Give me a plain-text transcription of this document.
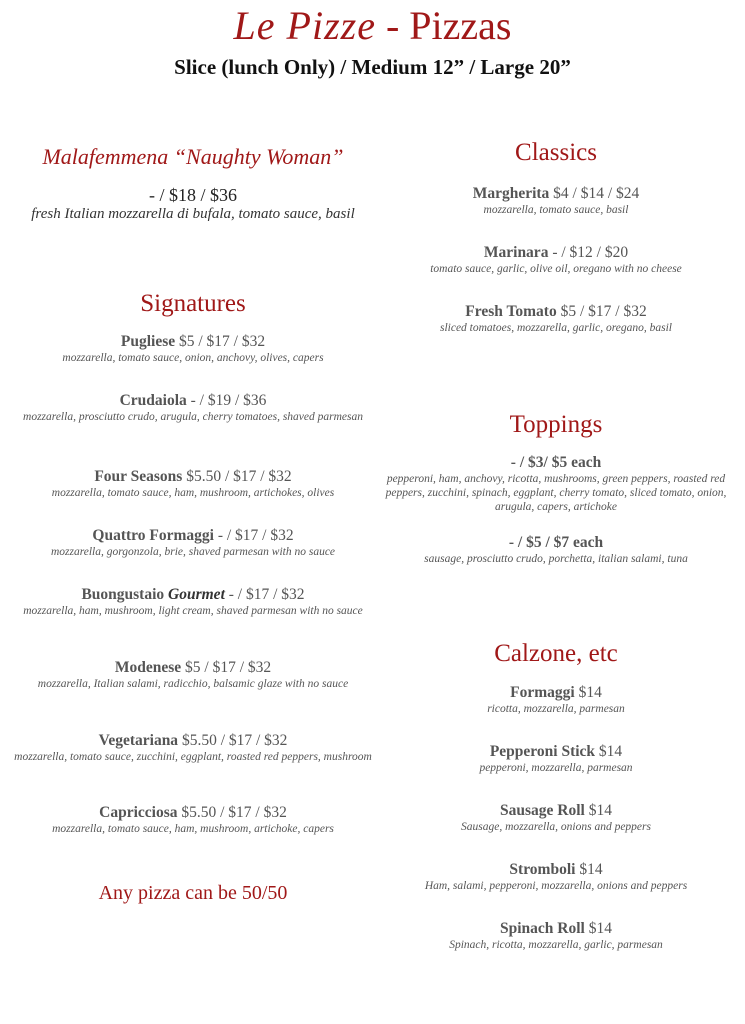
Le Pizze - Pizzas
Slice (lunch Only) / Medium 12” / Large 20”
Malafemmena “Naughty Woman”
- / $18 / $36
fresh Italian mozzarella di bufala, tomato sauce, basil
Signatures
Pugliese $5 / $17 / $32
mozzarella, tomato sauce, onion, anchovy, olives, capers
Crudaiola - / $19 / $36
mozzarella, prosciutto crudo, arugula, cherry tomatoes, shaved parmesan
Four Seasons $5.50 / $17 / $32
mozzarella, tomato sauce, ham, mushroom, artichokes, olives
Quattro Formaggi - / $17 / $32
mozzarella, gorgonzola, brie, shaved parmesan with no sauce
Buongustaio Gourmet - / $17 / $32
mozzarella, ham, mushroom, light cream, shaved parmesan with no sauce
Modenese $5 / $17 / $32
mozzarella, Italian salami, radicchio, balsamic glaze with no sauce
Vegetariana $5.50 / $17 / $32
mozzarella, tomato sauce, zucchini, eggplant, roasted red peppers, mushroom
Capricciosa $5.50 / $17 / $32
mozzarella, tomato sauce, ham, mushroom, artichoke, capers
Any pizza can be 50/50
Classics
Margherita $4 / $14 / $24
mozzarella, tomato sauce, basil
Marinara - / $12 / $20
tomato sauce, garlic, olive oil, oregano with no cheese
Fresh Tomato $5 / $17 / $32
sliced tomatoes, mozzarella, garlic, oregano, basil
Toppings
- / $3/ $5 each
pepperoni, ham, anchovy, ricotta, mushrooms, green peppers, roasted red peppers, zucchini, spinach, eggplant, cherry tomato, sliced tomato, onion, arugula, capers, artichoke
- / $5 / $7 each
sausage, prosciutto crudo, porchetta, italian salami, tuna
Calzone, etc
Formaggi $14
ricotta, mozzarella, parmesan
Pepperoni Stick $14
pepperoni, mozzarella, parmesan
Sausage Roll $14
Sausage, mozzarella, onions and peppers
Stromboli $14
Ham, salami, pepperoni, mozzarella, onions and peppers
Spinach Roll $14
Spinach, ricotta, mozzarella, garlic, parmesan
